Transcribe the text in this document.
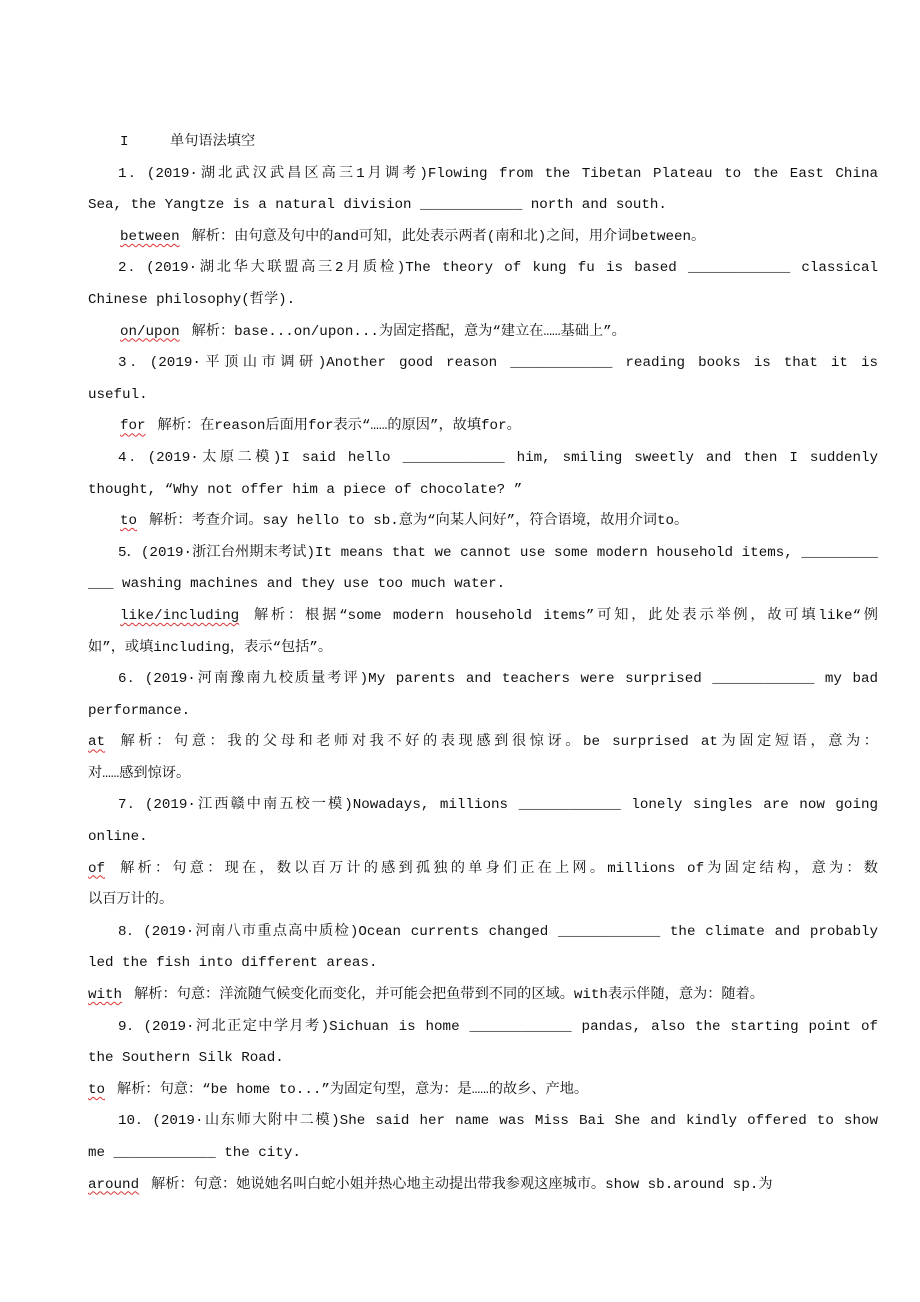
I	单句语法填空
1．(2019·湖北武汉武昌区高三1月调考)Flowing from the Tibetan Plateau to the East China
Sea, the Yangtze is a natural division ____________ north and south.
between 解析：由句意及句中的and可知，此处表示两者(南和北)之间，用介词between。
2．(2019·湖北华大联盟高三2月质检)The theory of kung fu is based ____________ classical
Chinese philosophy(哲学).
on/upon 解析：base...on/upon...为固定搭配，意为“建立在……基础上”。
3．(2019·平顶山市调研)Another good reason ____________ reading books is that it is
useful.
for 解析：在reason后面用for表示“……的原因”，故填for。
4．(2019·太原二模)I said hello ____________ him, smiling sweetly and then I suddenly
thought, “Why not offer him a piece of chocolate? ”
to 解析：考查介词。say hello to sb.意为“向某人问好”，符合语境，故用介词to。
5．(2019·浙江台州期末考试)It means that we cannot use some modern household items, _________
___ washing machines and they use too much water.
like/including 解析：根据“some modern household items”可知，此处表示举例，故可填like“例
如”，或填including，表示“包括”。
6．(2019·河南豫南九校质量考评)My parents and teachers were surprised ____________ my bad
performance.
at 解析：句意：我的父母和老师对我不好的表现感到很惊讶。be surprised at为固定短语，意为：
对……感到惊讶。
7．(2019·江西赣中南五校一模)Nowadays, millions ____________ lonely singles are now going
online.
of 解析：句意：现在，数以百万计的感到孤独的单身们正在上网。millions of为固定结构，意为：数
以百万计的。
8．(2019·河南八市重点高中质检)Ocean currents changed ____________ the climate and probably
led the fish into different areas.
with 解析：句意：洋流随气候变化而变化，并可能会把鱼带到不同的区域。with表示伴随，意为：随着。
9．(2019·河北正定中学月考)Sichuan is home ____________ pandas, also the starting point of
the Southern Silk Road.
to 解析：句意：“be home to...”为固定句型，意为：是……的故乡、产地。
10．(2019·山东师大附中二模)She said her name was Miss Bai She and kindly offered to show
me ____________ the city.
around 解析：句意：她说她名叫白蛇小姐并热心地主动提出带我参观这座城市。show sb.around sp.为
